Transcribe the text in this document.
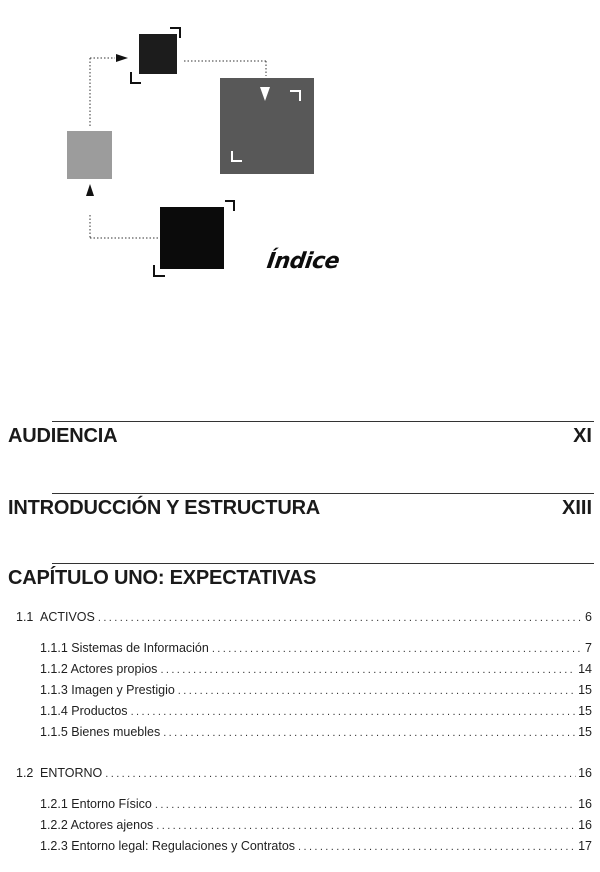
Índice
AUDIENCIA	XI
INTRODUCCIÓN Y ESTRUCTURA	XIII
CAPÍTULO UNO: EXPECTATIVAS
1.1 ACTIVOS .....	6
1.1.1 Sistemas de Información .....	7
1.1.2 Actores propios .....	14
1.1.3 Imagen y Prestigio .....	15
1.1.4 Productos .....	15
1.1.5 Bienes muebles .....	15
1.2 ENTORNO .....	16
1.2.1 Entorno Físico .....	16
1.2.2 Actores ajenos .....	16
1.2.3 Entorno legal: Regulaciones y Contratos .....	17
